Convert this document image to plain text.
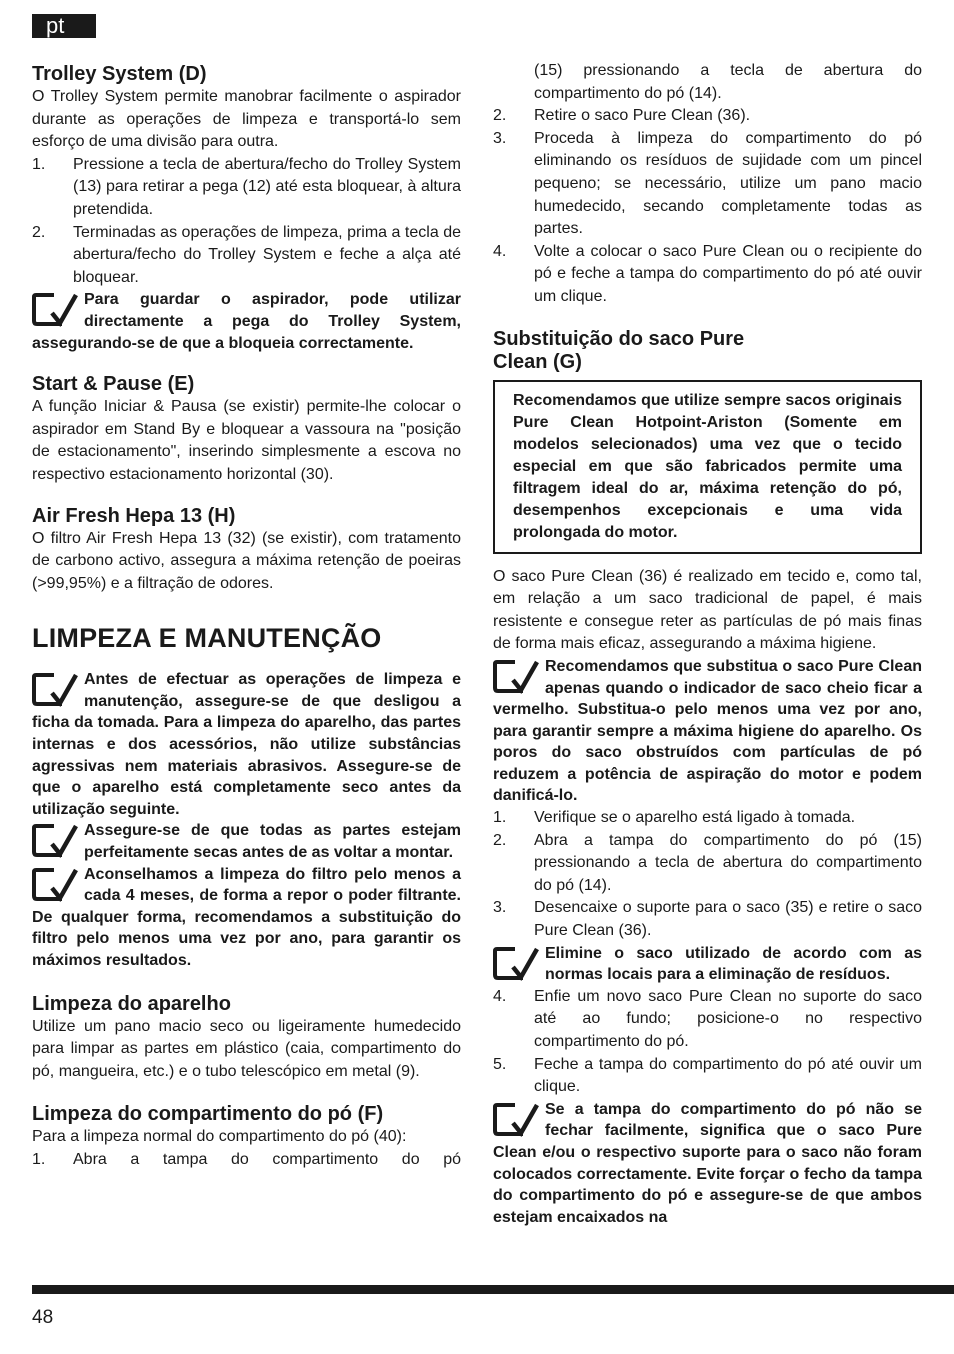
pt
Trolley System (D)

O Trolley System permite manobrar facilmente o aspirador durante as operações de limpeza e transportá-lo sem esforço de uma divisão para outra.

1.	Pressione a tecla de abertura/fecho do Trolley System (13) para retirar a pega (12) até esta bloquear, à altura pretendida.
2.	Terminadas as operações de limpeza, prima a tecla de abertura/fecho do Trolley System e feche a alça até bloquear.
Para guardar o aspirador, pode utilizar directamente a pega do Trolley System, assegurando-se de que a bloqueia correctamente.
Start & Pause (E)

A função Iniciar & Pausa (se existir) permite-lhe colocar o aspirador em Stand By e bloquear a vassoura na "posição de estacionamento", inserindo simplesmente a escova no respectivo estacionamento horizontal (30).

Air Fresh Hepa 13 (H)

O filtro Air Fresh Hepa 13 (32) (se existir), com tratamento de carbono activo, assegura a máxima retenção de poeiras (>99,95%) e a filtração de odores.

LIMPEZA E MANUTENÇÃO
Antes de efectuar as operações de limpeza e manutenção, assegure-se de que desligou a ficha da tomada. Para a limpeza do aparelho, das partes internas e dos acessórios, não utilize substâncias agressivas nem materiais abrasivos. Assegure-se de que o aparelho está completamente seco antes da utilização seguinte.
Assegure-se de que todas as partes estejam perfeitamente secas antes de as voltar a montar.
Aconselhamos a limpeza do filtro pelo menos a cada 4 meses, de forma a repor o poder filtrante. De qualquer forma, recomendamos a substituição do filtro pelo menos uma vez por ano, para garantir os máximos resultados.
Limpeza do aparelho

Utilize um pano macio seco ou ligeiramente humedecido para limpar as partes em plástico (caia, compartimento do pó, mangueira, etc.) e o tubo telescópico em metal (9).

Limpeza do compartimento do pó (F)

Para a limpeza normal do compartimento do pó (40):

1.	Abra a tampa do compartimento do pó
(15) pressionando a tecla de abertura do compartimento do pó (14).
2.	Retire o saco Pure Clean (36).
3.	Proceda à limpeza do compartimento do pó eliminando os resíduos de sujidade com um pincel pequeno; se necessário, utilize um pano macio humedecido, secando completamente todas as partes.
4.	Volte a colocar o saco Pure Clean ou o recipiente do pó e feche a tampa do compartimento do pó até ouvir um clique.
Substituição do saco Pure
Clean (G)
Recomendamos que utilize sempre sacos originais Pure Clean Hotpoint-Ariston (Somente em modelos selecionados) uma vez que o tecido especial em que são fabricados permite uma filtragem ideal do ar, máxima retenção do pó, desempenhos excepcionais e uma vida prolongada do motor.

O saco Pure Clean (36) é realizado em tecido e, como tal, em relação a um saco tradicional de papel, é mais resistente e consegue reter as partículas de pó mais finas de forma mais eficaz, assegurando a máxima higiene.

Recomendamos que substitua o saco Pure Clean apenas quando o indicador de saco cheio ficar a vermelho. Substitua-o pelo menos uma vez por ano, para garantir sempre a máxima higiene do aparelho. Os poros do saco obstruídos com partículas de pó reduzem a potência de aspiração do motor e podem danificá-lo.
1.	Verifique se o aparelho está ligado à tomada.
2.	Abra a tampa do compartimento do pó (15) pressionando a tecla de abertura do compartimento do pó (14).
3.	Desencaixe o suporte para o saco (35) e retire o saco Pure Clean (36).
Elimine o saco utilizado de acordo com as normas locais para a eliminação de resíduos.
4.	Enfie um novo saco Pure Clean no suporte do saco até ao fundo; posicione-o no respectivo compartimento do pó.
5.	Feche a tampa do compartimento do pó até ouvir um clique.
Se a tampa do compartimento do pó não se fechar facilmente, significa que o saco Pure Clean e/ou o respectivo suporte para o saco não foram colocados correctamente. Evite forçar o fecho da tampa do compartimento do pó e assegure-se de que ambos estejam encaixados na
48
